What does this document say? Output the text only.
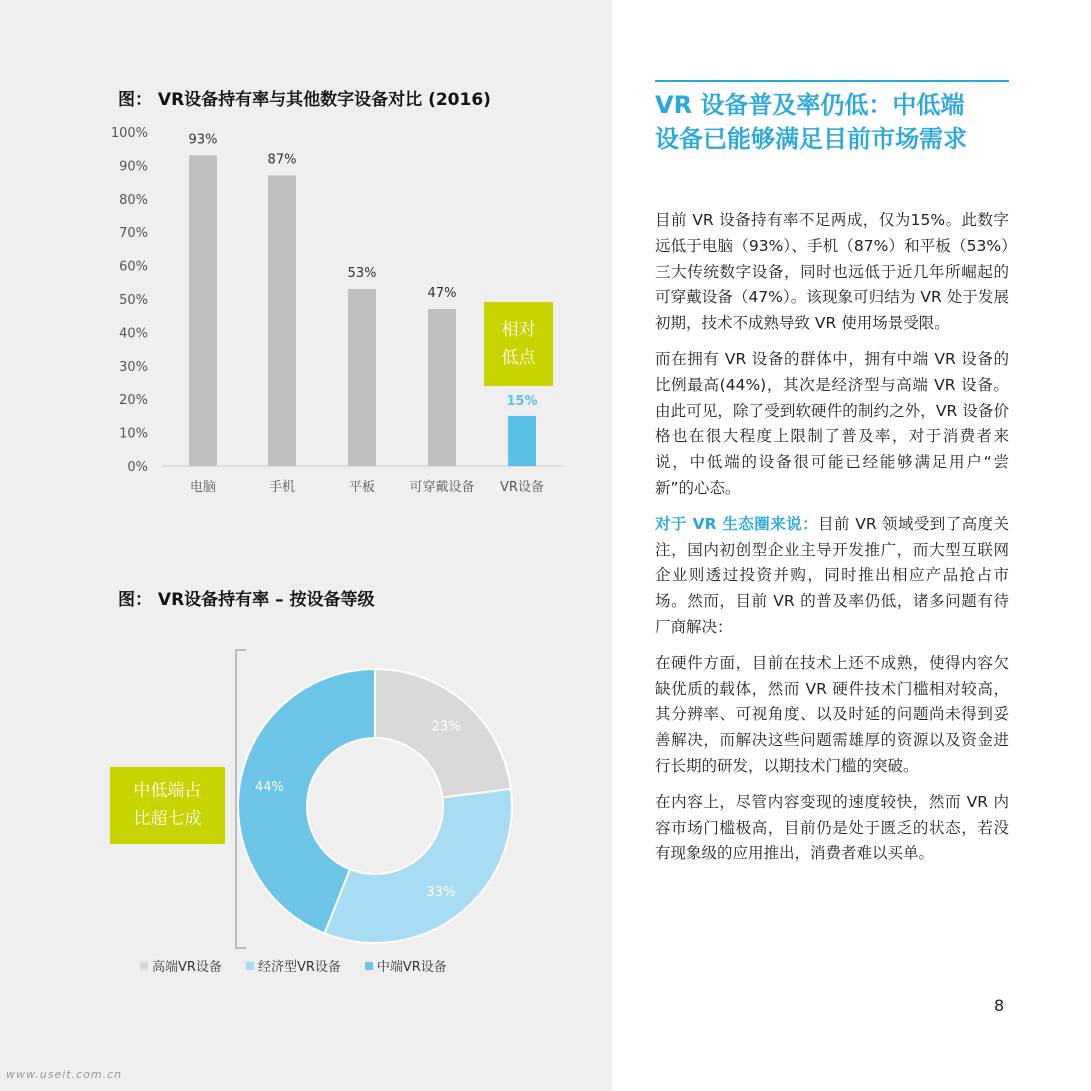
图： VR设备持有率与其他数字设备对比 (2016)
0%
10%
20%
30%
40%
50%
60%
70%
80%
90%
100%	93%
电脑
87%
手机
53%
平板
47%
可穿戴设备
15%
VR设备
相对
低点
图： VR设备持有率 – 按设备等级
23%
33%
44%
中低端占
比超七成
高端VR设备	经济型VR设备	中端VR设备
www.useit.com.cn
VR 设备普及率仍低：中低端
设备已能够满足目前市场需求

目前 VR 设备持有率不足两成，仅为15%。此数字远低于电脑（93%）、手机（87%）和平板（53%）三大传统数字设备，同时也远低于近几年所崛起的可穿戴设备（47%）。该现象可归结为 VR 处于发展初期，技术不成熟导致 VR 使用场景受限。

而在拥有 VR 设备的群体中，拥有中端 VR 设备的比例最高(44%)，其次是经济型与高端 VR 设备。由此可见，除了受到软硬件的制约之外，VR 设备价格也在很大程度上限制了普及率，对于消费者来说，中低端的设备很可能已经能够满足用户“尝新”的心态。

对于 VR 生态圈来说：目前 VR 领域受到了高度关注，国内初创型企业主导开发推广，而大型互联网企业则透过投资并购，同时推出相应产品抢占市场。然而，目前 VR 的普及率仍低，诸多问题有待厂商解决：

在硬件方面，目前在技术上还不成熟，使得内容欠缺优质的载体，然而 VR 硬件技术门槛相对较高，其分辨率、可视角度、以及时延的问题尚未得到妥善解决，而解决这些问题需雄厚的资源以及资金进行长期的研发，以期技术门槛的突破。

在内容上，尽管内容变现的速度较快，然而 VR 内容市场门槛极高，目前仍是处于匮乏的状态，若没有现象级的应用推出，消费者难以买单。

8
